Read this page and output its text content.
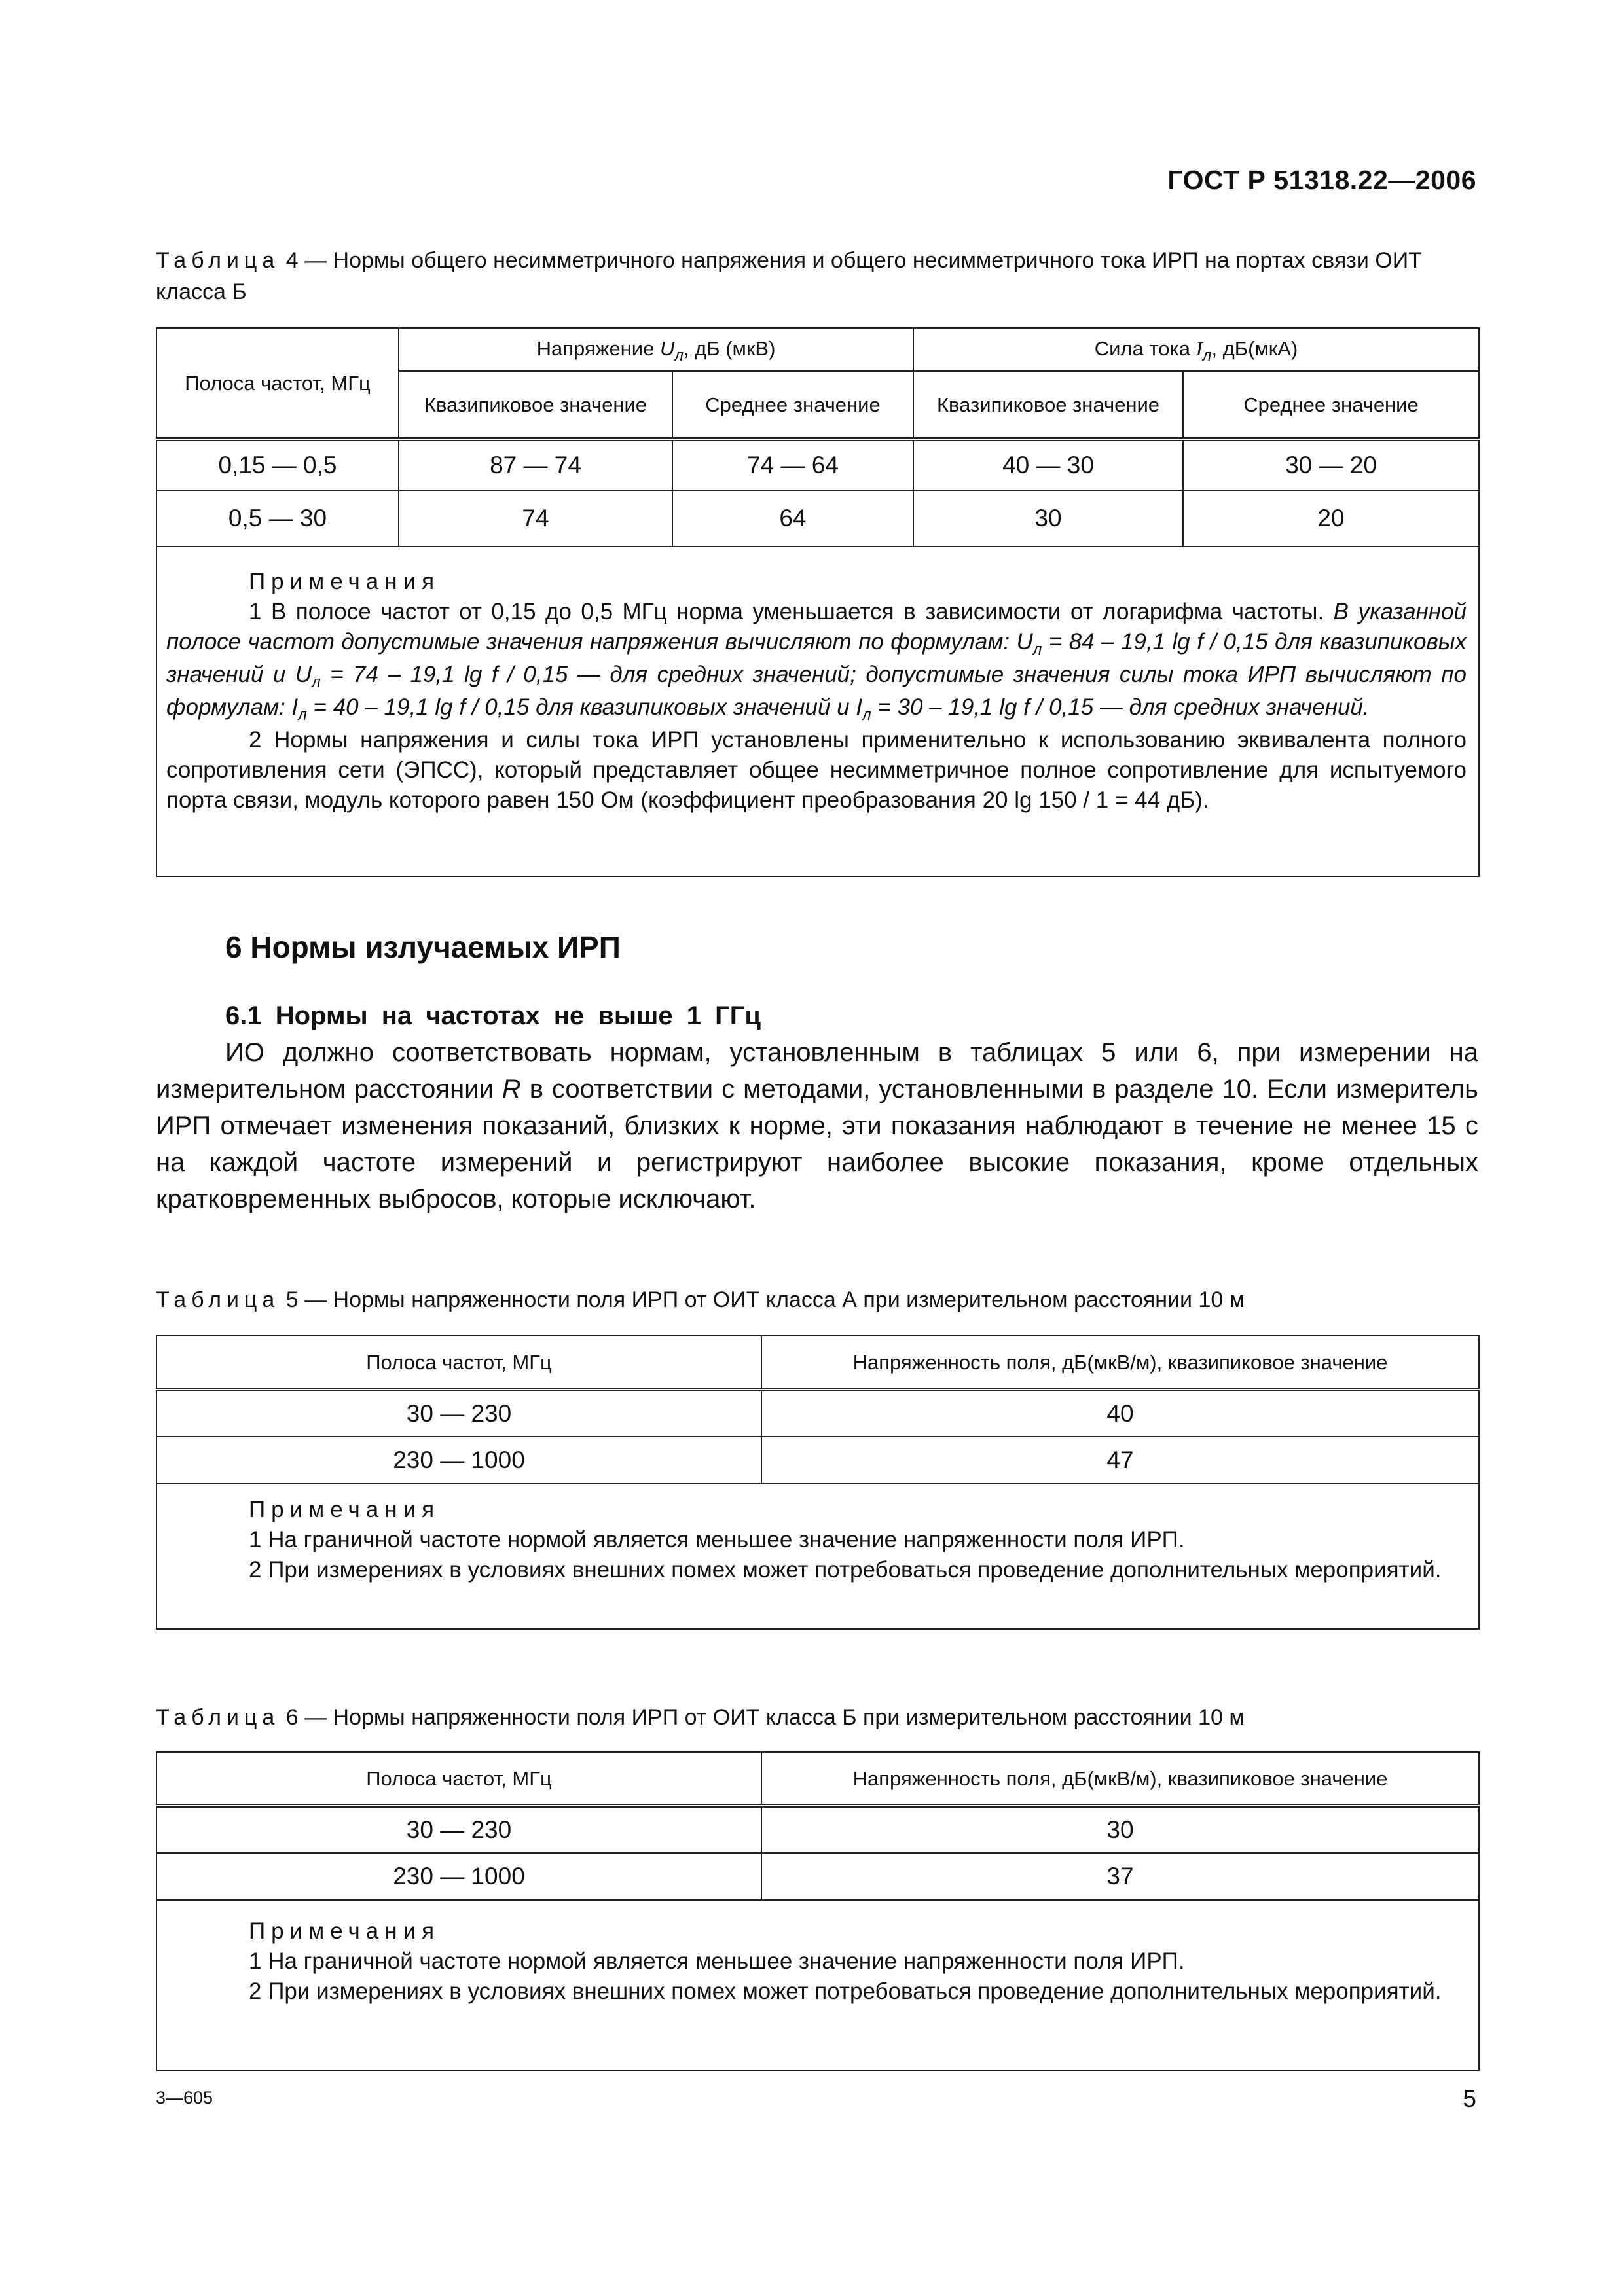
ГОСТ Р 51318.22—2006
Таблица 4 — Нормы общего несимметричного напряжения и общего несимметричного тока ИРП на портах связи ОИТ класса Б
Полоса частот, МГц	Напряжение $U_л$, дБ (мкВ)		Сила тока $I_л$, дБ(мкА)	
	Квазипиковое значение	Среднее значение	Квазипиковое значение	Среднее значение
0,15 — 0,5	87 — 74	74 — 64	40 — 30	30 — 20
0,5 — 30	74	64	30	20

Примечания

1 В полосе частот от 0,15 до 0,5 МГц норма уменьшается в зависимости от логарифма частоты. В указанной полосе частот допустимые значения напряжения вычисляют по формулам: $U_л = 84 - 19,1$ lg f / 0,15 для квазипиковых значений и $U_л = 74 - 19,1$ lg f / 0,15 — для средних значений; допустимые значения силы тока ИРП вычисляют по формулам: $I_л = 40 - 19,1$ lg f / 0,15 для квазипиковых значений и $I_л = 30 - 19,1$ lg f / 0,15 — для средних значений.

2 Нормы напряжения и силы тока ИРП установлены применительно к использованию эквивалента полного сопротивления сети (ЭПСС), который представляет общее несимметричное полное сопротивление для испытуемого порта связи, модуль которого равен 150 Ом (коэффициент преобразования 20 lg 150 / 1 = 44 дБ).				

6 Нормы излучаемых ИРП
6.1 Нормы на частотах не выше 1 ГГц

ИО должно соответствовать нормам, установленным в таблицах 5 или 6, при измерении на измерительном расстоянии R в соответствии с методами, установленными в разделе 10. Если измеритель ИРП отмечает изменения показаний, близких к норме, эти показания наблюдают в течение не менее 15 с на каждой частоте измерений и регистрируют наиболее высокие показания, кроме отдельных кратковременных выбросов, которые исключают.

Таблица 5 — Нормы напряженности поля ИРП от ОИТ класса А при измерительном расстоянии 10 м
Полоса частот, МГц	Напряженность поля, дБ(мкВ/м), квазипиковое значение
30 — 230	40
230 — 1000	47

Примечания

1 На граничной частоте нормой является меньшее значение напряженности поля ИРП.

2 При измерениях в условиях внешних помех может потребоваться проведение дополнительных мероприятий.	

Таблица 6 — Нормы напряженности поля ИРП от ОИТ класса Б при измерительном расстоянии 10 м
Полоса частот, МГц	Напряженность поля, дБ(мкВ/м), квазипиковое значение
30 — 230	30
230 — 1000	37

Примечания

1 На граничной частоте нормой является меньшее значение напряженности поля ИРП.

2 При измерениях в условиях внешних помех может потребоваться проведение дополнительных мероприятий.	

3—605	5
